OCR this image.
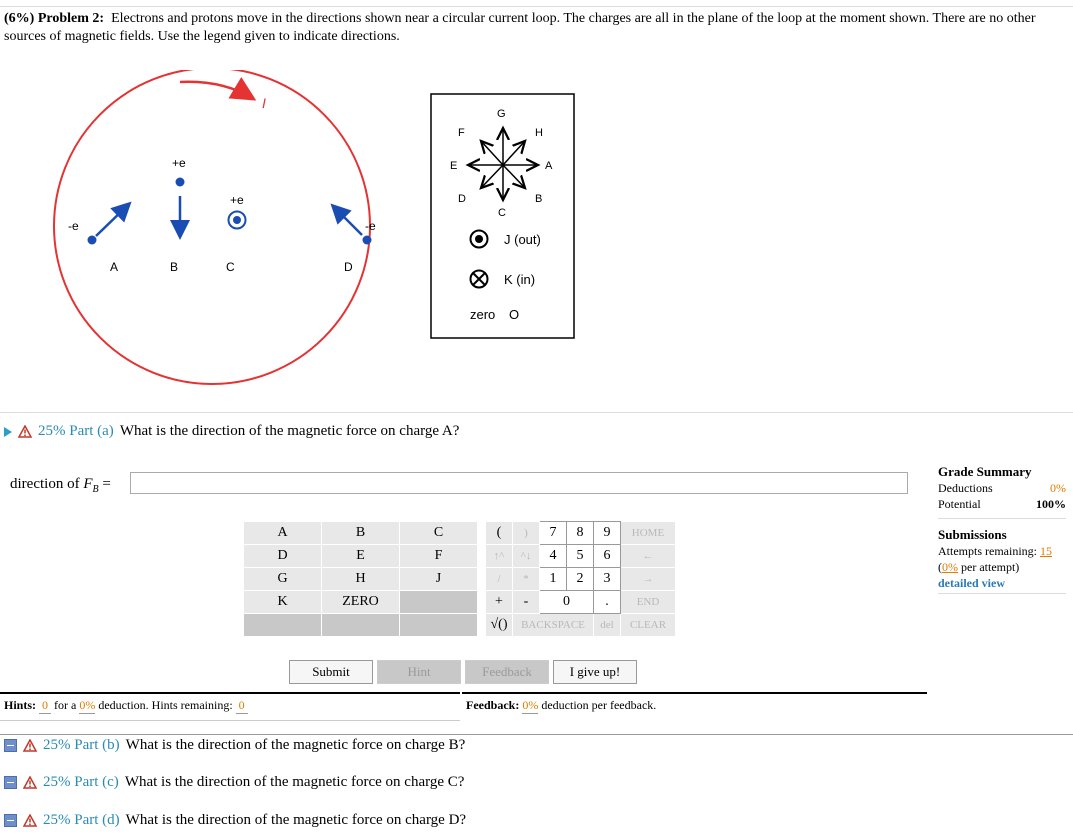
(6%) Problem 2: Electrons and protons move in the directions shown near a circular current loop. The charges are all in the plane of the loop at the moment shown. There are no other sources of magnetic fields. Use the legend given to indicate directions.
I
-e
A
+e
B
+e
C
-e
D
G
H
A
B
C
D
E
F
J (out)
K (in)
zero O
25% Part (a) What is the direction of the magnetic force on charge A?
direction of $F_B$ =
A	B	C
D	E	F
G	H	J
K	ZERO	

(	)	7	8	9	HOME
↑^	^↓	4	5	6	←
/	*	1	2	3	→
+	-	0		.	END
√()	BACKSPACE			del	CLEAR
Submit	Hint	Feedback	I give up!
Grade Summary
Deductions	0%
Potential	100%
Submissions
Attempts remaining: 15
(0% per attempt)
detailed view
Hints: 0 for a 0% deduction. Hints remaining: 0	Feedback: 0% deduction per feedback.
25% Part (b) What is the direction of the magnetic force on charge B?
25% Part (c) What is the direction of the magnetic force on charge C?
25% Part (d) What is the direction of the magnetic force on charge D?
